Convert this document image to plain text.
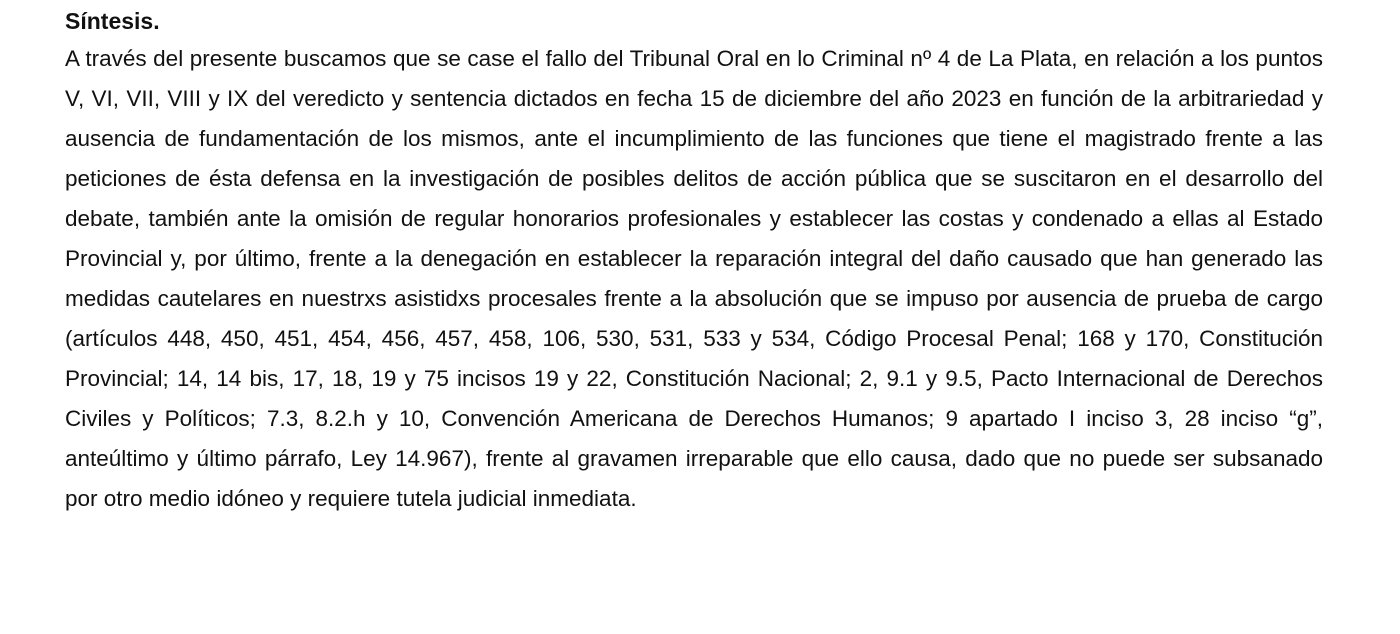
Síntesis.

A través del presente buscamos que se case el fallo del Tribunal Oral en lo Criminal nº 4 de La Plata, en relación a los puntos V, VI, VII, VIII y IX del veredicto y sentencia dictados en fecha 15 de diciembre del año 2023 en función de la arbitrariedad y ausencia de fundamentación de los mismos, ante el incumplimiento de las funciones que tiene el magistrado frente a las peticiones de ésta defensa en la investigación de posibles delitos de acción pública que se suscitaron en el desarrollo del debate, también ante la omisión de regular honorarios profesionales y establecer las costas y condenado a ellas al Estado Provincial y, por último, frente a la denegación en establecer la reparación integral del daño causado que han generado las medidas cautelares en nuestrxs asistidxs procesales frente a la absolución que se impuso por ausencia de prueba de cargo (artículos 448, 450, 451, 454, 456, 457, 458, 106, 530, 531, 533 y 534, Código Procesal Penal; 168 y 170, Constitución Provincial; 14, 14 bis, 17, 18, 19 y 75 incisos 19 y 22, Constitución Nacional; 2, 9.1 y 9.5, Pacto Internacional de Derechos Civiles y Políticos; 7.3, 8.2.h y 10, Convención Americana de Derechos Humanos; 9 apartado I inciso 3, 28 inciso “g”, anteúltimo y último párrafo, Ley 14.967), frente al gravamen irreparable que ello causa, dado que no puede ser subsanado por otro medio idóneo y requiere tutela judicial inmediata.
